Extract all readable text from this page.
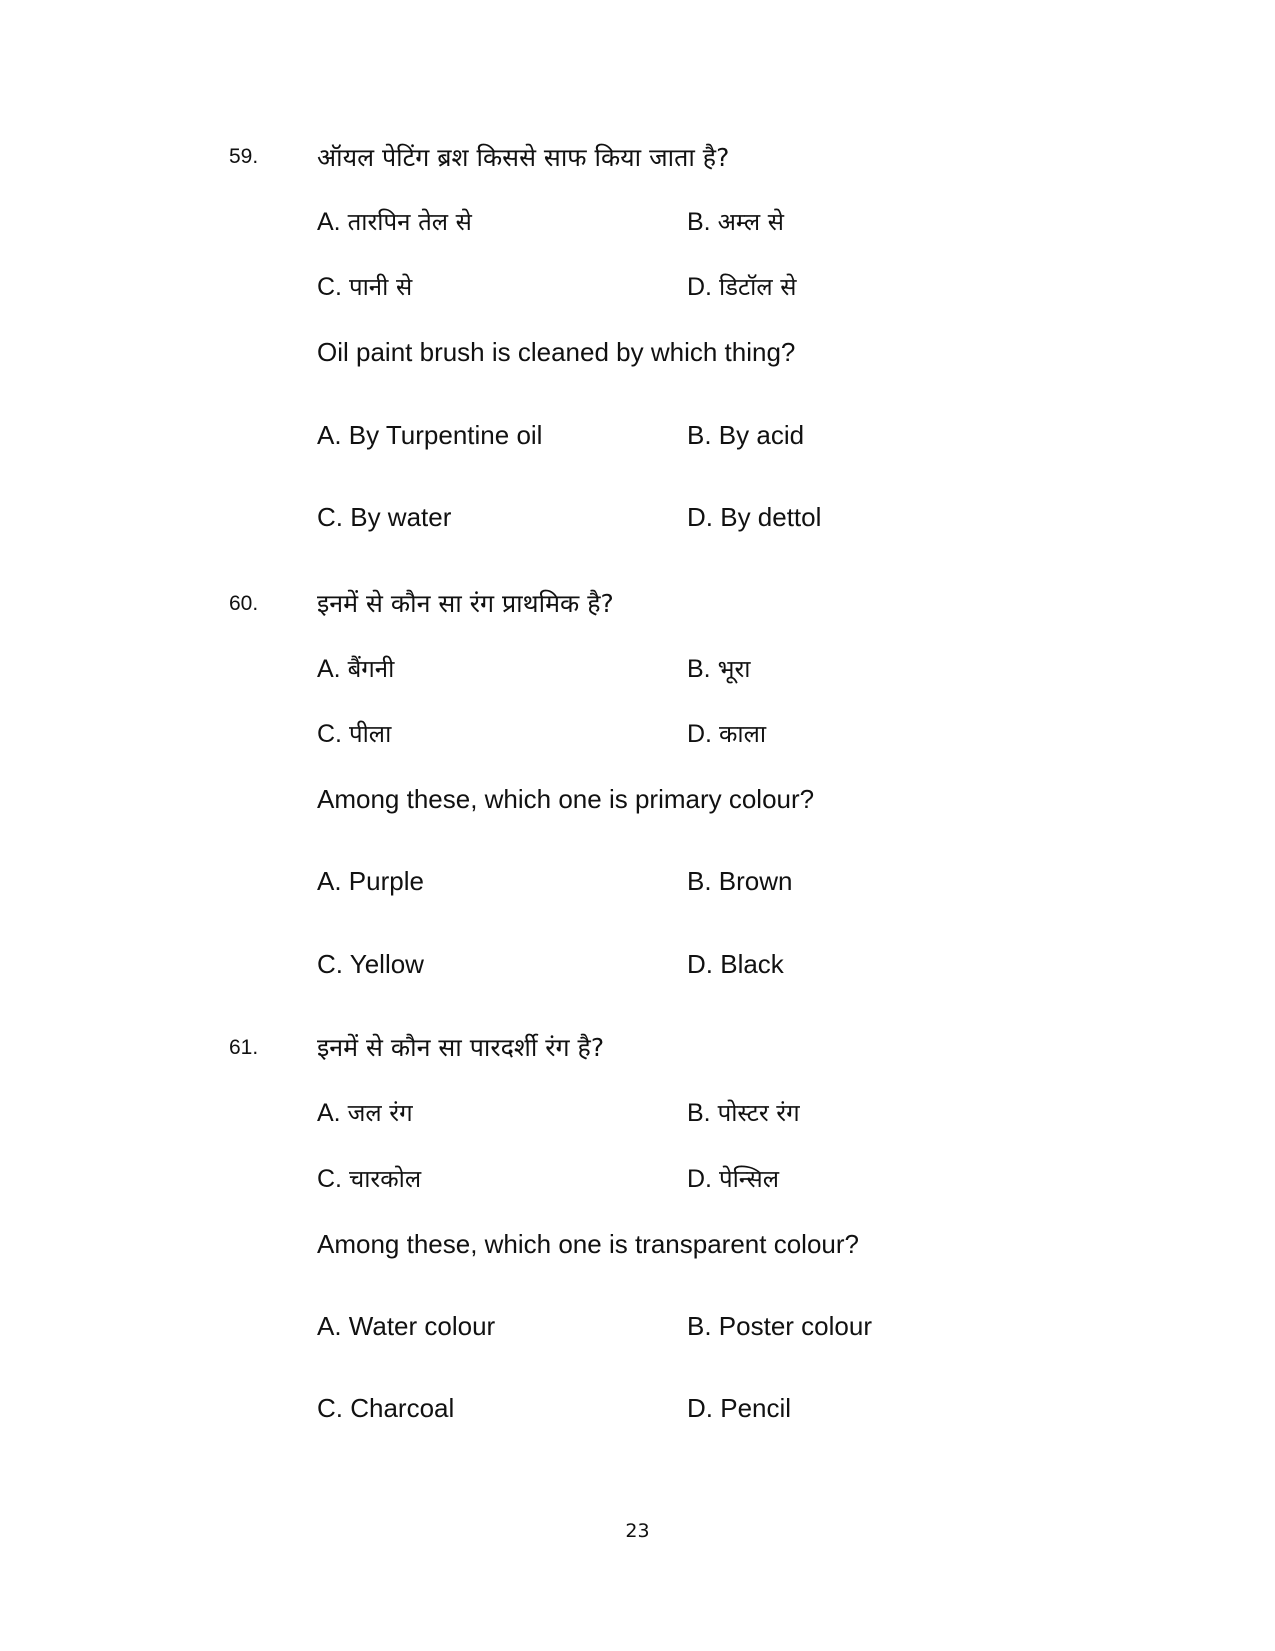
59. ऑयल पेटिंग ब्रश किससे साफ किया जाता है?
A. तारपिन तेल से	B. अम्ल से
C. पानी से	D. डिटॉल से
Oil paint brush is cleaned by which thing?
A. By Turpentine oil	B. By acid
C. By water	D. By dettol
60. इनमें से कौन सा रंग प्राथमिक है?
A. बैंगनी	B. भूरा
C. पीला	D. काला
Among these, which one is primary colour?
A. Purple	B. Brown
C. Yellow	D. Black
61. इनमें से कौन सा पारदर्शी रंग है?
A. जल रंग	B. पोस्टर रंग
C. चारकोल	D. पेन्सिल
Among these, which one is transparent colour?
A. Water colour	B. Poster colour
C. Charcoal	D. Pencil
23
